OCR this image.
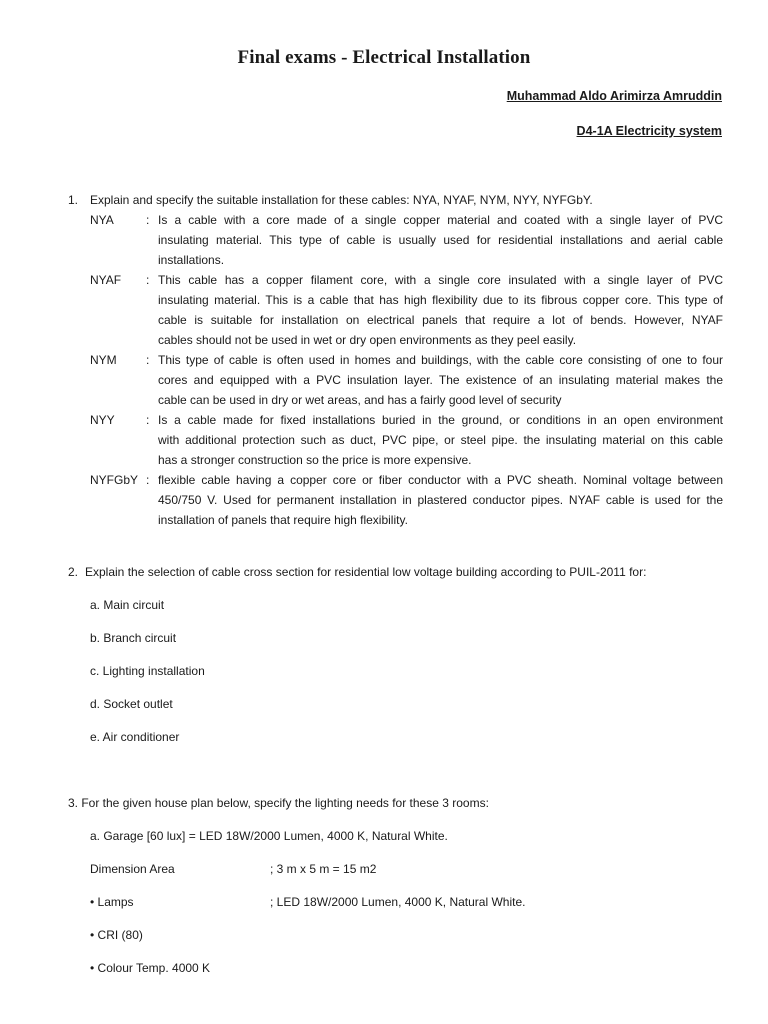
Final exams - Electrical Installation
Muhammad Aldo Arimirza Amruddin
D4-1A Electricity system
1. Explain and specify the suitable installation for these cables: NYA, NYAF, NYM, NYY, NYFGbY.
NYA	: Is a cable with a core made of a single copper material and coated with a single layer of PVC
insulating material. This type of cable is usually used for residential installations and aerial cable
installations.
NYAF	: This cable has a copper filament core, with a single core insulated with a single layer of PVC
insulating material. This is a cable that has high flexibility due to its fibrous copper core. This type of
cable is suitable for installation on electrical panels that require a lot of bends. However, NYAF
cables should not be used in wet or dry open environments as they peel easily.
NYM	: This type of cable is often used in homes and buildings, with the cable core consisting of one to four
cores and equipped with a PVC insulation layer. The existence of an insulating material makes the
cable can be used in dry or wet areas, and has a fairly good level of security
NYY	: Is a cable made for fixed installations buried in the ground, or conditions in an open environment
with additional protection such as duct, PVC pipe, or steel pipe. the insulating material on this cable
has a stronger construction so the price is more expensive.
NYFGbY : flexible cable having a copper core or fiber conductor with a PVC sheath. Nominal voltage between
450/750 V. Used for permanent installation in plastered conductor pipes. NYAF cable is used for the
installation of panels that require high flexibility.
2. Explain the selection of cable cross section for residential low voltage building according to PUIL-2011 for:
a. Main circuit
b. Branch circuit
c. Lighting installation
d. Socket outlet
e. Air conditioner
3. For the given house plan below, specify the lighting needs for these 3 rooms:
a. Garage [60 lux] = LED 18W/2000 Lumen, 4000 K, Natural White.
Dimension Area	; 3 m x 5 m = 15 m2
• Lamps	; LED 18W/2000 Lumen, 4000 K, Natural White.
• CRI (80)
• Colour Temp. 4000 K
